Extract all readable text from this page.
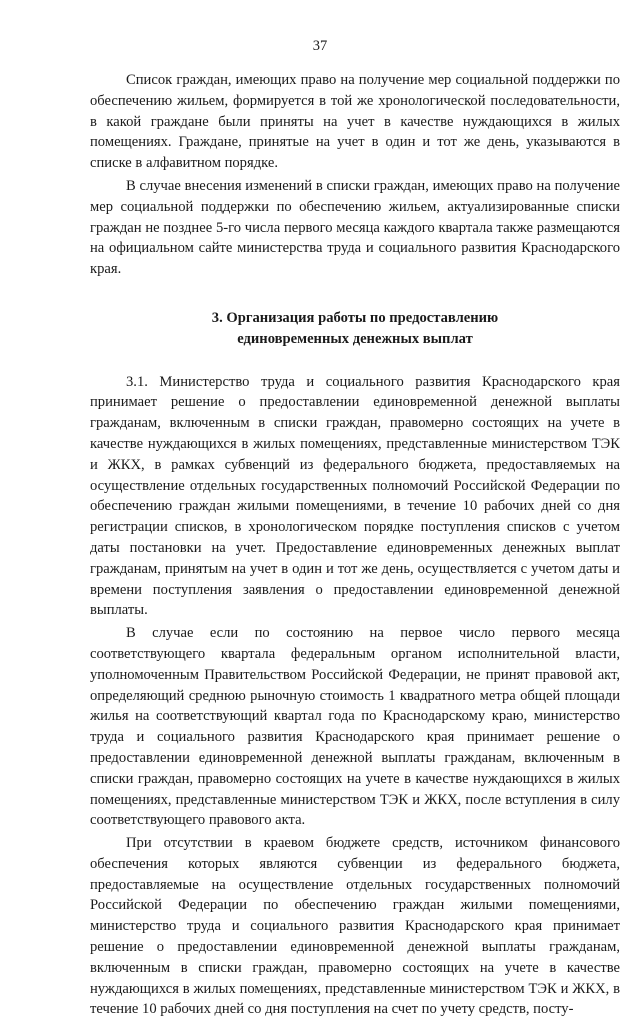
37

Список граждан, имеющих право на получение мер социальной поддержки по обеспечению жильем, формируется в той же хронологической последовательности, в какой граждане были приняты на учет в качестве нуждающихся в жилых помещениях. Граждане, принятые на учет в один и тот же день, указываются в списке в алфавитном порядке.

В случае внесения изменений в списки граждан, имеющих право на получение мер социальной поддержки по обеспечению жильем, актуализированные списки граждан не позднее 5-го числа первого месяца каждого квартала также размещаются на официальном сайте министерства труда и социального развития Краснодарского края.

3. Организация работы по предоставлению
единовременных денежных выплат

3.1. Министерство труда и социального развития Краснодарского края принимает решение о предоставлении единовременной денежной выплаты гражданам, включенным в списки граждан, правомерно состоящих на учете в качестве нуждающихся в жилых помещениях, представленные министерством ТЭК и ЖКХ, в рамках субвенций из федерального бюджета, предоставляемых на осуществление отдельных государственных полномочий Российской Федерации по обеспечению граждан жилыми помещениями, в течение 10 рабочих дней со дня регистрации списков, в хронологическом порядке поступления списков с учетом даты постановки на учет. Предоставление единовременных денежных выплат гражданам, принятым на учет в один и тот же день, осуществляется с учетом даты и времени поступления заявления о предоставлении единовременной денежной выплаты.

В случае если по состоянию на первое число первого месяца соответствующего квартала федеральным органом исполнительной власти, уполномоченным Правительством Российской Федерации, не принят правовой акт, определяющий среднюю рыночную стоимость 1 квадратного метра общей площади жилья на соответствующий квартал года по Краснодарскому краю, министерство труда и социального развития Краснодарского края принимает решение о предоставлении единовременной денежной выплаты гражданам, включенным в списки граждан, правомерно состоящих на учете в качестве нуждающихся в жилых помещениях, представленные министерством ТЭК и ЖКХ, после вступления в силу соответствующего правового акта.

При отсутствии в краевом бюджете средств, источником финансового обеспечения которых являются субвенции из федерального бюджета, предоставляемые на осуществление отдельных государственных полномочий Российской Федерации по обеспечению граждан жилыми помещениями, министерство труда и социального развития Краснодарского края принимает решение о предоставлении единовременной денежной выплаты гражданам, включенным в списки граждан, правомерно состоящих на учете в качестве нуждающихся в жилых помещениях, представленные министерством ТЭК и ЖКХ, в течение 10 рабочих дней со дня поступления на счет по учету средств, посту-
